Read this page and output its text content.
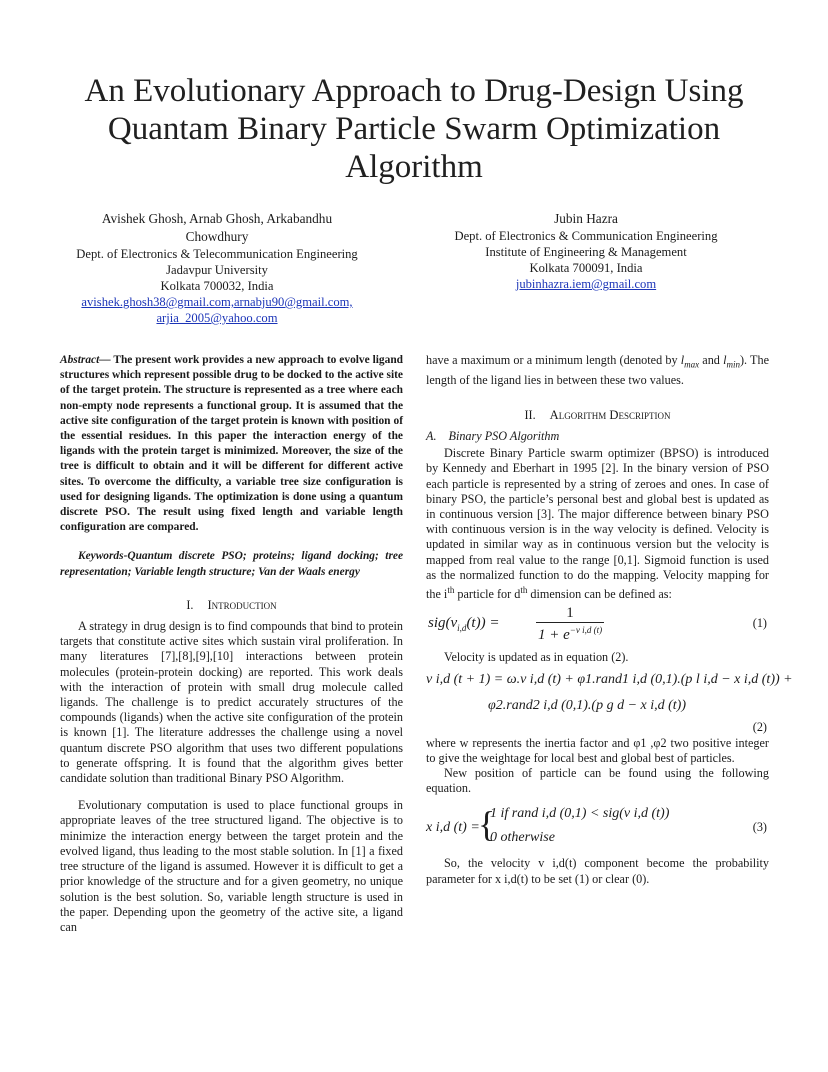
An Evolutionary Approach to Drug-Design Using
Quantam Binary Particle Swarm Optimization
Algorithm
Avishek Ghosh, Arnab Ghosh, Arkabandhu
Chowdhury
Dept. of Electronics & Telecommunication Engineering
Jadavpur University
Kolkata 700032, India
avishek.ghosh38@gmail.com,arnabju90@gmail.com,
arjia_2005@yahoo.com
Jubin Hazra
Dept. of Electronics & Communication Engineering
Institute of Engineering & Management
Kolkata 700091, India
jubinhazra.iem@gmail.com
Abstract— The present work provides a new approach to evolve ligand structures which represent possible drug to be docked to the active site of the target protein. The structure is represented as a tree where each non-empty node represents a functional group. It is assumed that the active site configuration of the target protein is known with position of the essential residues. In this paper the interaction energy of the ligands with the protein target is minimized. Moreover, the size of the tree is difficult to obtain and it will be different for different active sites. To overcome the difficulty, a variable tree size configuration is used for designing ligands. The optimization is done using a quantum discrete PSO. The result using fixed length and variable length configuration are compared.
Keywords-Quantum discrete PSO; proteins; ligand docking; tree representation; Variable length structure; Van der Waals energy
I. Introduction

A strategy in drug design is to find compounds that bind to protein targets that constitute active sites which sustain viral proliferation. In many literatures [7],[8],[9],[10] interactions between protein molecules (protein-protein docking) are reported. This work deals with the interaction of protein with small drug molecule called ligands. The challenge is to predict accurately structures of the compounds (ligands) when the active site configuration of the protein is known [1]. The literature addresses the challenge using a novel quantum discrete PSO algorithm that uses two different populations to generate offspring. It is found that the algorithm gives better candidate solution than traditional Binary PSO Algorithm.

Evolutionary computation is used to place functional groups in appropriate leaves of the tree structured ligand. The objective is to minimize the interaction energy between the target protein and the evolved ligand, thus leading to the most stable solution. In [1] a fixed tree structure of the ligand is assumed. However it is difficult to get a prior knowledge of the structure and for a given geometry, no unique solution is the best solution. So, variable length structure is used in the paper. Depending upon the geometry of the active site, a ligand can

have a maximum or a minimum length (denoted by $l_{max}$ and $l_{min}$). The length of the ligand lies in between these two values.

II. Algorithm Description
A. Binary PSO Algorithm

Discrete Binary Particle swarm optimizer (BPSO) is introduced by Kennedy and Eberhart in 1995 [2]. In the binary version of PSO each particle is represented by a string of zeroes and ones. In case of binary PSO, the particle’s personal best and global best is updated as in continuous version [3]. The major difference between binary PSO with continuous version is in the way velocity is defined. Velocity is updated in similar way as in continuous version but the velocity is mapped from real value to the range [0,1]. Sigmoid function is used as the normalized function to do the mapping. Velocity mapping for the $i^{th}$ particle for $d^{th}$ dimension can be defined as:

$sig(v_{i,d}(t)) = \frac{1}{1 + e^{-v i,d (t)}}$	(1)

Velocity is updated as in equation (2).

v i,d (t + 1) = ω.v i,d (t) + φ1.rand1 i,d (0,1).(p l i,d − x i,d (t)) +
φ2.rand2 i,d (0,1).(p g d − x i,d (t))
(2)

where w represents the inertia factor and φ1 ,φ2 two positive integer to give the weightage for local best and global best of particles.

New position of particle can be found using the following equation.

x i,d (t) =
{
1 if rand i,d (0,1) < sig(v i,d (t))
0 otherwise
(3)

So, the velocity v i,d(t) component become the probability parameter for x i,d(t) to be set (1) or clear (0).
